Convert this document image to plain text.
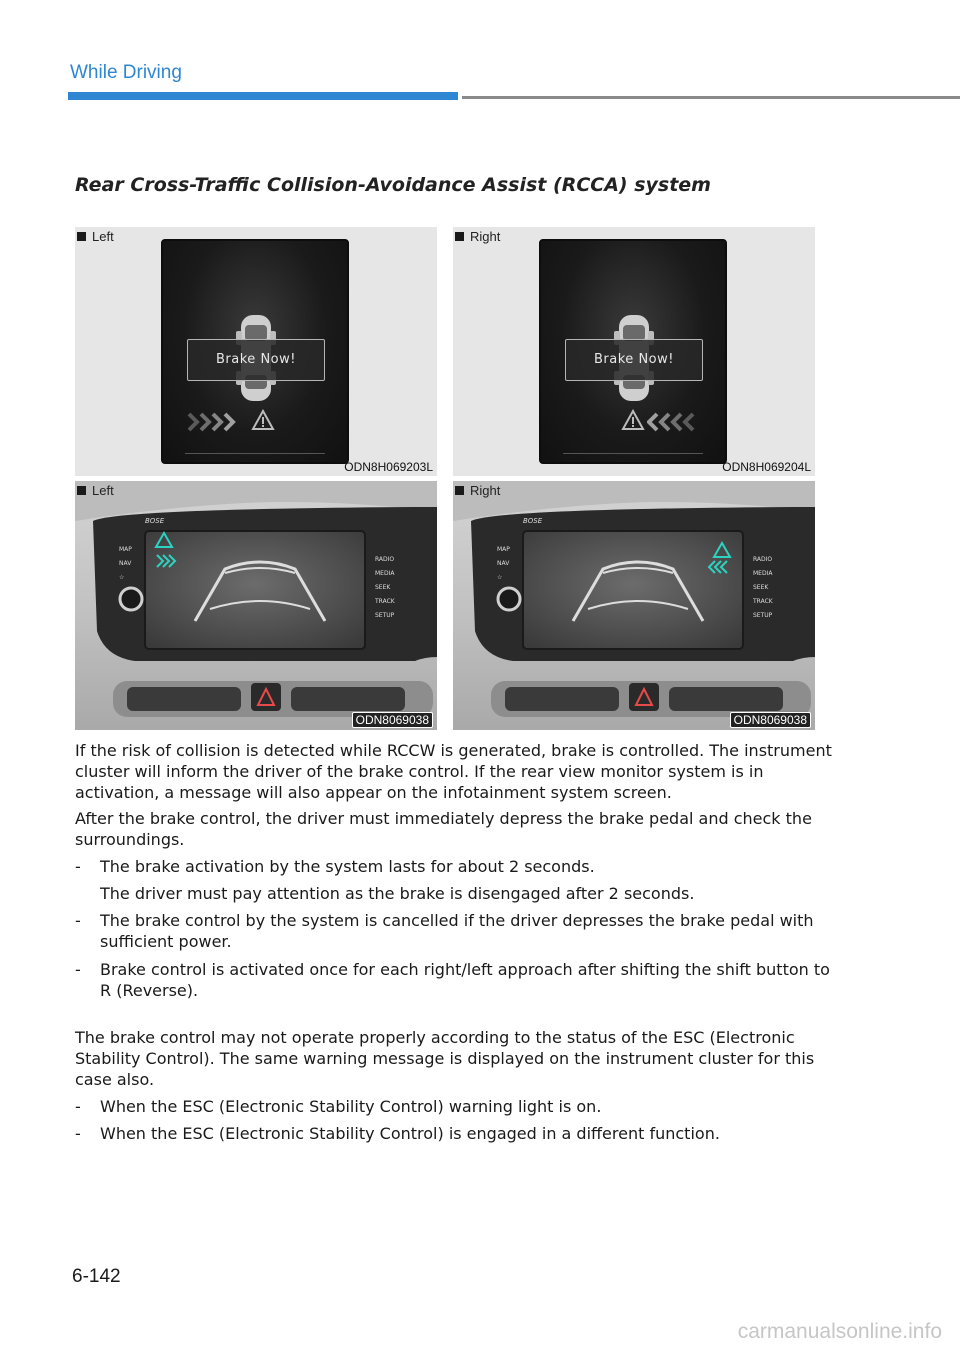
While Driving
Rear Cross-Traffic Collision-Avoidance Assist (RCCA) system
Left
Brake Now!
ODN8H069203L
Right
Brake Now!
ODN8H069204L
BOSE
MAP
NAV
☆
RADIO
MEDIA
SEEK
TRACK
SETUP
Left
ODN8069038
BOSE
MAP
NAV
☆
RADIO
MEDIA
SEEK
TRACK
SETUP
Right
ODN8069038
If the risk of collision is detected while RCCW is generated, brake is controlled. The instrument cluster will inform the driver of the brake control. If the rear view monitor system is in activation, a message will also appear on the infotainment system screen.
After the brake control, the driver must immediately depress the brake pedal and check the surroundings.
- The brake activation by the system lasts for about 2 seconds.
The driver must pay attention as the brake is disengaged after 2 seconds.
- The brake control by the system is cancelled if the driver depresses the brake pedal with sufficient power.
- Brake control is activated once for each right/left approach after shifting the shift button to R (Reverse).
The brake control may not operate properly according to the status of the ESC (Electronic Stability Control). The same warning message is displayed on the instrument cluster for this case also.
- When the ESC (Electronic Stability Control) warning light is on.
- When the ESC (Electronic Stability Control) is engaged in a different function.
6-142
carmanualsonline.info
